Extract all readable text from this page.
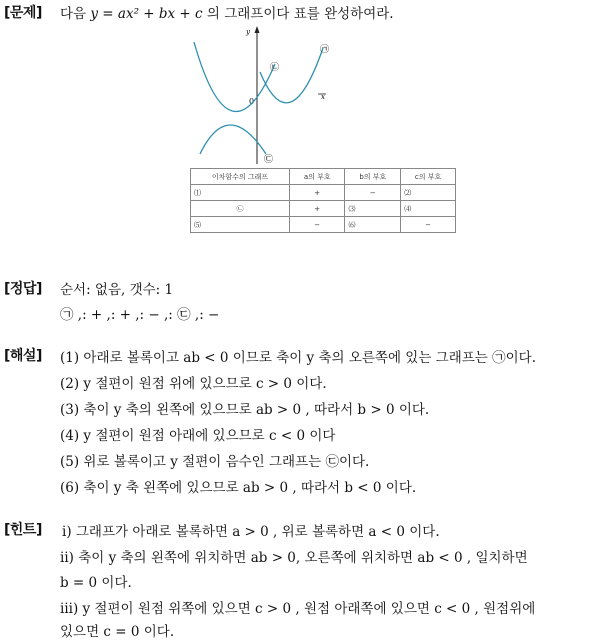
[문제] 다음 y = ax² + bx + c 의 그래프이다 표를 완성하여라.
y
0	x
㉠
㉡
㉢
이차함수의 그래프	a의 부호	b의 부호	c의 부호
⑴	+	−	⑵
㉡	+	⑶	⑷
⑸	−	⑹	−
[정답] 순서: 없음, 갯수: 1
㉠ ,: + ,: + ,: − ,: ㉢ ,: −
[해설] (1) 아래로 볼록이고 ab < 0 이므로 축이 y 축의 오른쪽에 있는 그래프는 ㉠이다.
(2) y 절편이 원점 위에 있으므로 c > 0 이다.
(3) 축이 y 축의 왼쪽에 있으므로 ab > 0 , 따라서 b > 0 이다.
(4) y 절편이 원점 아래에 있으므로 c < 0 이다
(5) 위로 볼록이고 y 절편이 음수인 그래프는 ㉢이다.
(6) 축이 y 축 왼쪽에 있으므로 ab > 0 , 따라서 b < 0 이다.
[힌트] ⅰ) 그래프가 아래로 볼록하면 a > 0 , 위로 볼록하면 a < 0 이다.
ⅱ) 축이 y 축의 왼쪽에 위치하면 ab > 0, 오른쪽에 위치하면 ab < 0 , 일치하면
b = 0 이다.
ⅲ) y 절편이 원점 위쪽에 있으면 c > 0 , 원점 아래쪽에 있으면 c < 0 , 원점위에
있으면 c = 0 이다.
